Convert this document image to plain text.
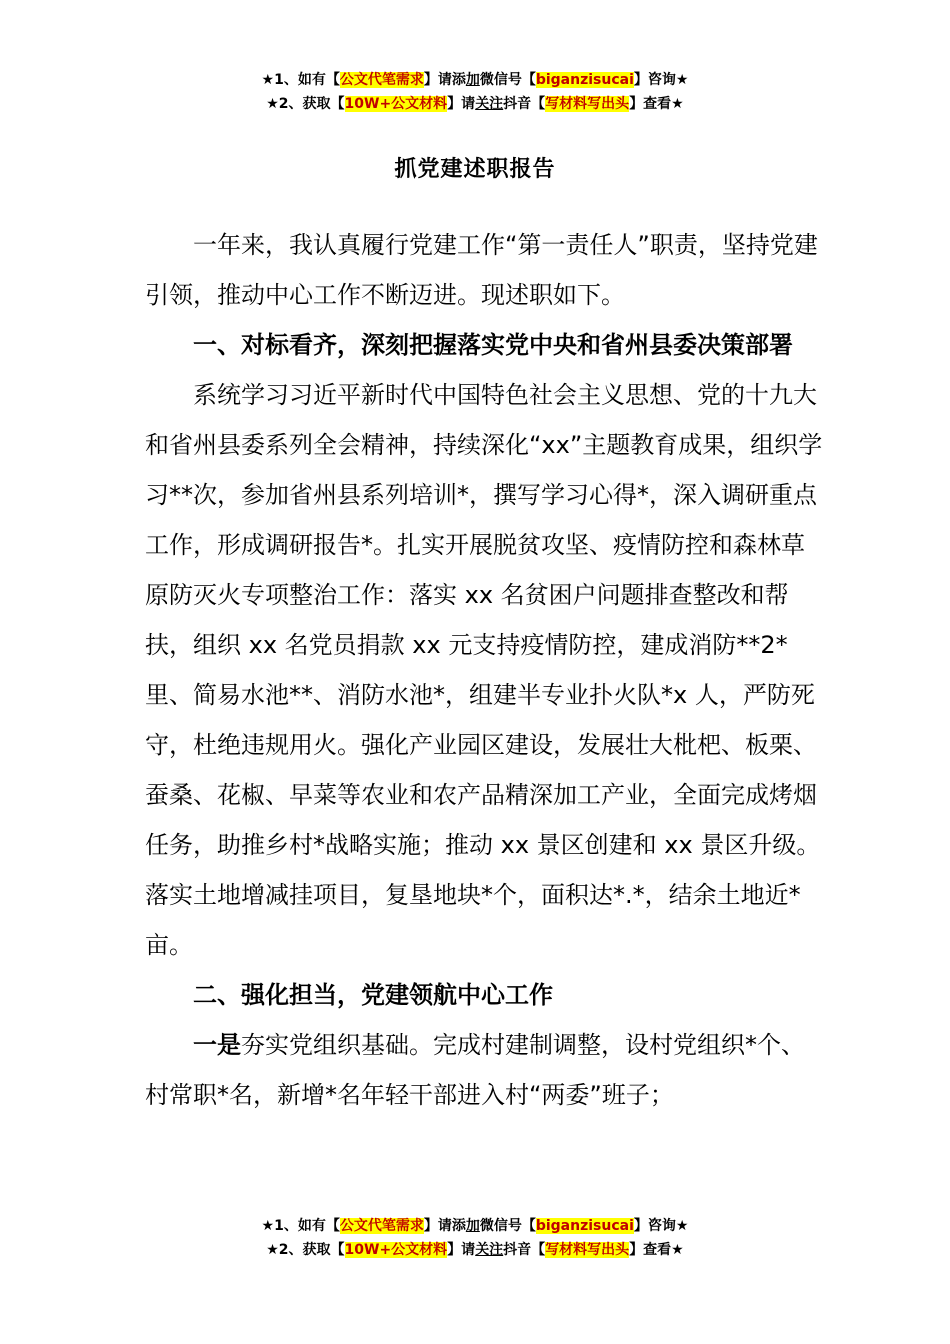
★1、如有【公文代笔需求】请添加微信号【biganzisucai】咨询★
★2、获取【10W+公文材料】请关注抖音【写材料写出头】查看★
抓党建述职报告

一年来，我认真履行党建工作“第一责任人”职责，坚持党建引领，推动中心工作不断迈进。现述职如下。

一、对标看齐，深刻把握落实党中央和省州县委决策部署

系统学习习近平新时代中国特色社会主义思想、党的十九大和省州县委系列全会精神，持续深化“xx”主题教育成果，组织学习**次，参加省州县系列培训*，撰写学习心得*，深入调研重点工作，形成调研报告*。扎实开展脱贫攻坚、疫情防控和森林草原防灭火专项整治工作：落实 xx 名贫困户问题排查整改和帮扶，组织 xx 名党员捐款 xx 元支持疫情防控，建成消防**2*里、简易水池**、消防水池*，组建半专业扑火队*x 人，严防死守，杜绝违规用火。强化产业园区建设，发展壮大枇杷、板栗、蚕桑、花椒、早菜等农业和农产品精深加工产业，全面完成烤烟任务，助推乡村*战略实施；推动 xx 景区创建和 xx 景区升级。落实土地增减挂项目，复垦地块*个，面积达*.*，结余土地近*亩。

二、强化担当，党建领航中心工作

一是夯实党组织基础。完成村建制调整，设村党组织*个、村常职*名，新增*名年轻干部进入村“两委”班子；

★1、如有【公文代笔需求】请添加微信号【biganzisucai】咨询★
★2、获取【10W+公文材料】请关注抖音【写材料写出头】查看★
